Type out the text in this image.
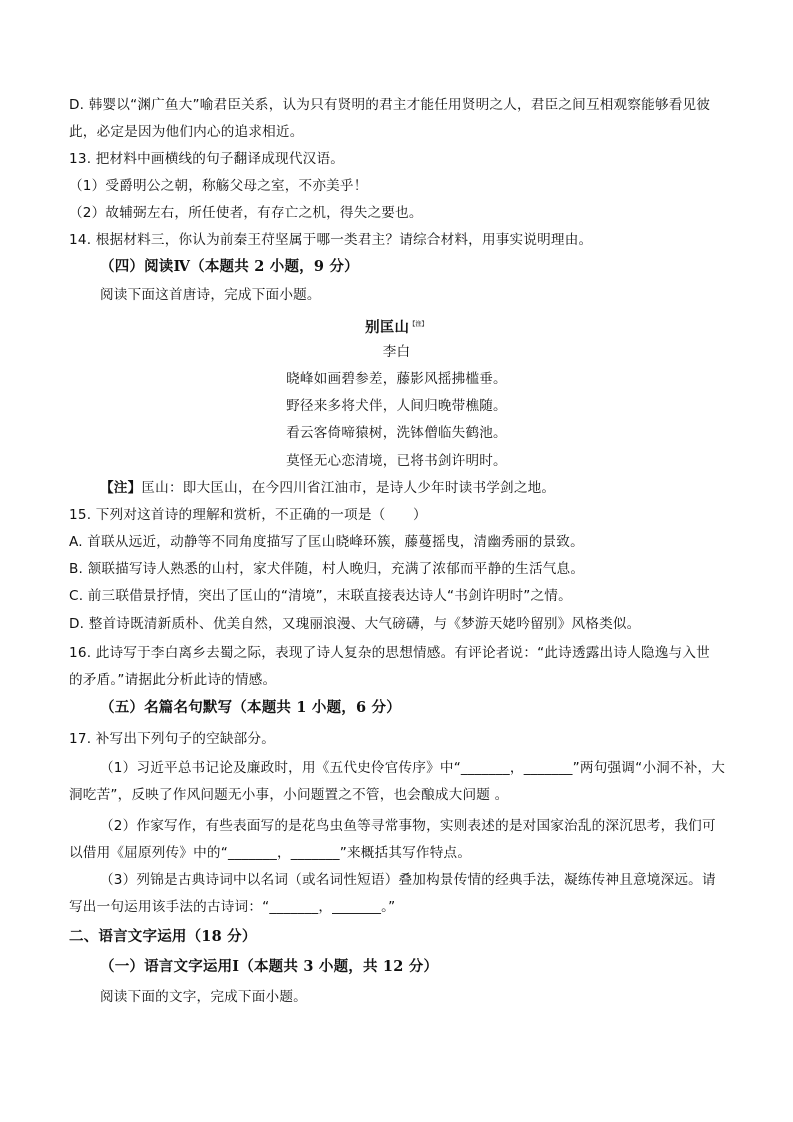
D. 韩婴以“渊广鱼大”喻君臣关系，认为只有贤明的君主才能任用贤明之人，君臣之间互相观察能够看见彼
此，必定是因为他们内心的追求相近。
13. 把材料中画横线的句子翻译成现代汉语。
（1）受爵明公之朝，称觞父母之室，不亦美乎！
（2）故辅弼左右，所任使者，有存亡之机，得失之要也。
14. 根据材料三，你认为前秦王苻坚属于哪一类君主？请综合材料，用事实说明理由。
（四）阅读Ⅳ（本题共 2 小题，9 分）
阅读下面这首唐诗，完成下面小题。
别匡山$^{【注】}$
李白
晓峰如画碧参差，藤影风摇拂槛垂。
野径来多将犬伴，人间归晚带樵随。
看云客倚啼猿树，洗钵僧临失鹤池。
莫怪无心恋清境，已将书剑许明时。
【注】匡山：即大匡山，在今四川省江油市，是诗人少年时读书学剑之地。
15. 下列对这首诗的理解和赏析，不正确的一项是（　　）
A. 首联从远近，动静等不同角度描写了匡山晓峰环簇，藤蔓摇曳，清幽秀丽的景致。
B. 颔联描写诗人熟悉的山村，家犬伴随，村人晚归，充满了浓郁而平静的生活气息。
C. 前三联借景抒情，突出了匡山的“清境”，末联直接表达诗人“书剑许明时”之情。
D. 整首诗既清新质朴、优美自然，又瑰丽浪漫、大气磅礴，与《梦游天姥吟留别》风格类似。
16. 此诗写于李白离乡去蜀之际，表现了诗人复杂的思想情感。有评论者说：“此诗透露出诗人隐逸与入世
的矛盾。”请据此分析此诗的情感。
（五）名篇名句默写（本题共 1 小题，6 分）
17. 补写出下列句子的空缺部分。
（1）习近平总书记论及廉政时，用《五代史伶官传序》中“_______，_______”两句强调“小洞不补，大
洞吃苦”，反映了作风问题无小事，小问题置之不管，也会酿成大问题 。
（2）作家写作，有些表面写的是花鸟虫鱼等寻常事物，实则表述的是对国家治乱的深沉思考，我们可
以借用《屈原列传》中的“_______，_______”来概括其写作特点。
（3）列锦是古典诗词中以名词（或名词性短语）叠加构景传情的经典手法，凝练传神且意境深远。请
写出一句运用该手法的古诗词：“_______，_______。”
二、语言文字运用（18 分）
（一）语言文字运用Ⅰ（本题共 3 小题，共 12 分）
阅读下面的文字，完成下面小题。
